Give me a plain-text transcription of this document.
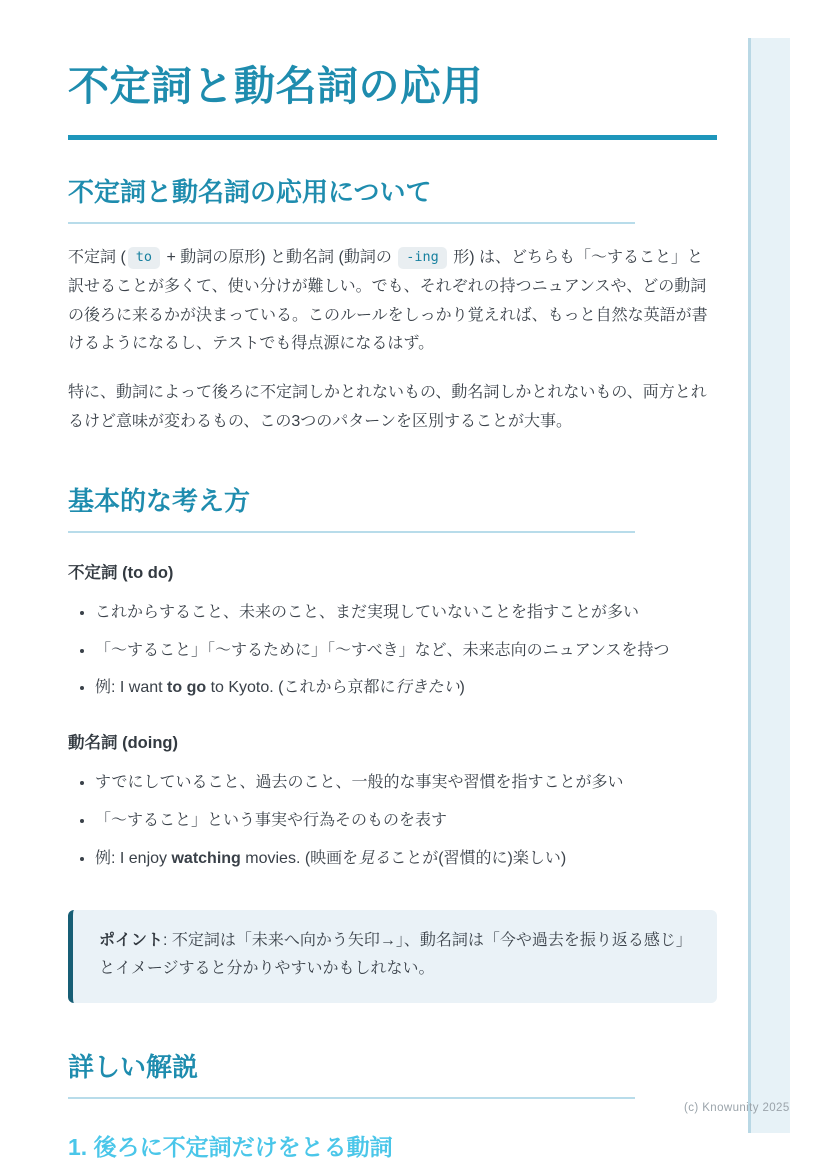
(c) Knowunity 2025
不定詞と動名詞の応用
不定詞と動名詞の応用について

不定詞 ( to + 動詞の原形) と動名詞 (動詞の -ing 形) は、どちらも「〜すること」と訳せることが多くて、使い分けが難しい。でも、それぞれの持つニュアンスや、どの動詞の後ろに来るかが決まっている。このルールをしっかり覚えれば、もっと自然な英語が書けるようになるし、テストでも得点源になるはず。

特に、動詞によって後ろに不定詞しかとれないもの、動名詞しかとれないもの、両方とれるけど意味が変わるもの、この3つのパターンを区別することが大事。

基本的な考え方

不定詞 (to do)

• これからすること、未来のこと、まだ実現していないことを指すことが多い
• 「〜すること」「〜するために」「〜すべき」など、未来志向のニュアンスを持つ
• 例: I want to go to Kyoto. (これから京都に行きたい)

動名詞 (doing)

• すでにしていること、過去のこと、一般的な事実や習慣を指すことが多い
• 「〜すること」という事実や行為そのものを表す
• 例: I enjoy watching movies. (映画を見ることが(習慣的に)楽しい)
ポイント: 不定詞は「未来へ向かう矢印→」、動名詞は「今や過去を振り返る感じ」とイメージすると分かりやすいかもしれない。
詳しい解説
1. 後ろに不定詞だけをとる動詞
